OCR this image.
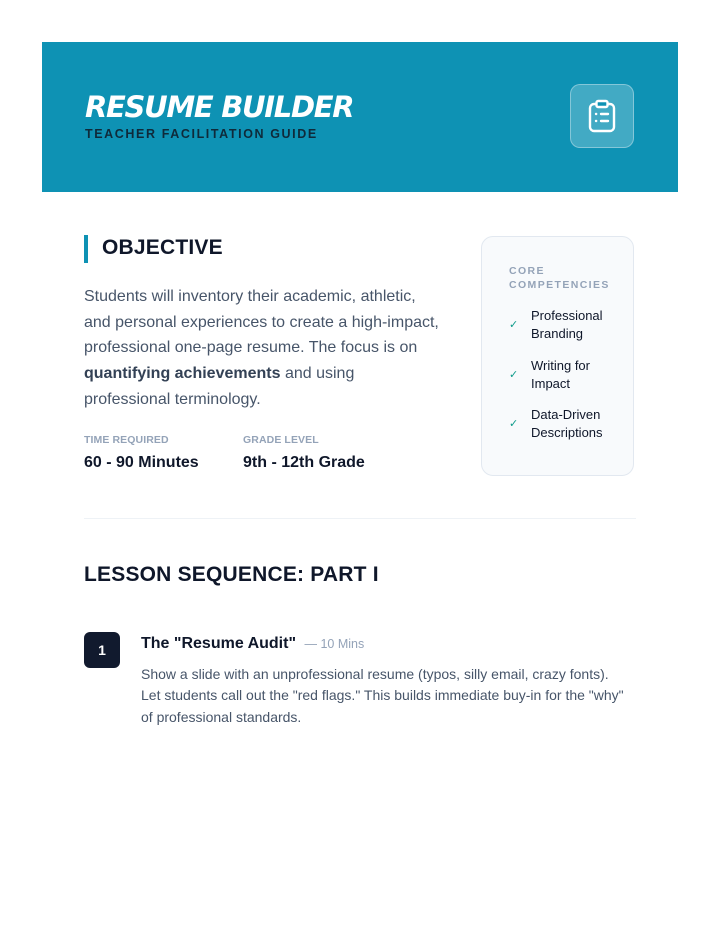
RESUME BUILDER
TEACHER FACILITATION GUIDE
OBJECTIVE
Students will inventory their academic, athletic, and personal experiences to create a high-impact, professional one-page resume. The focus is on quantifying achievements and using professional terminology.
TIME REQUIRED
60 - 90 Minutes
GRADE LEVEL
9th - 12th Grade
CORE COMPETENCIES
✓
Professional Branding
✓
Writing for Impact
✓
Data-Driven Descriptions
LESSON SEQUENCE: PART I
1	The "Resume Audit" — 10 Mins
Show a slide with an unprofessional resume (typos, silly email, crazy fonts). Let students call out the "red flags." This builds immediate buy-in for the "why" of professional standards.
